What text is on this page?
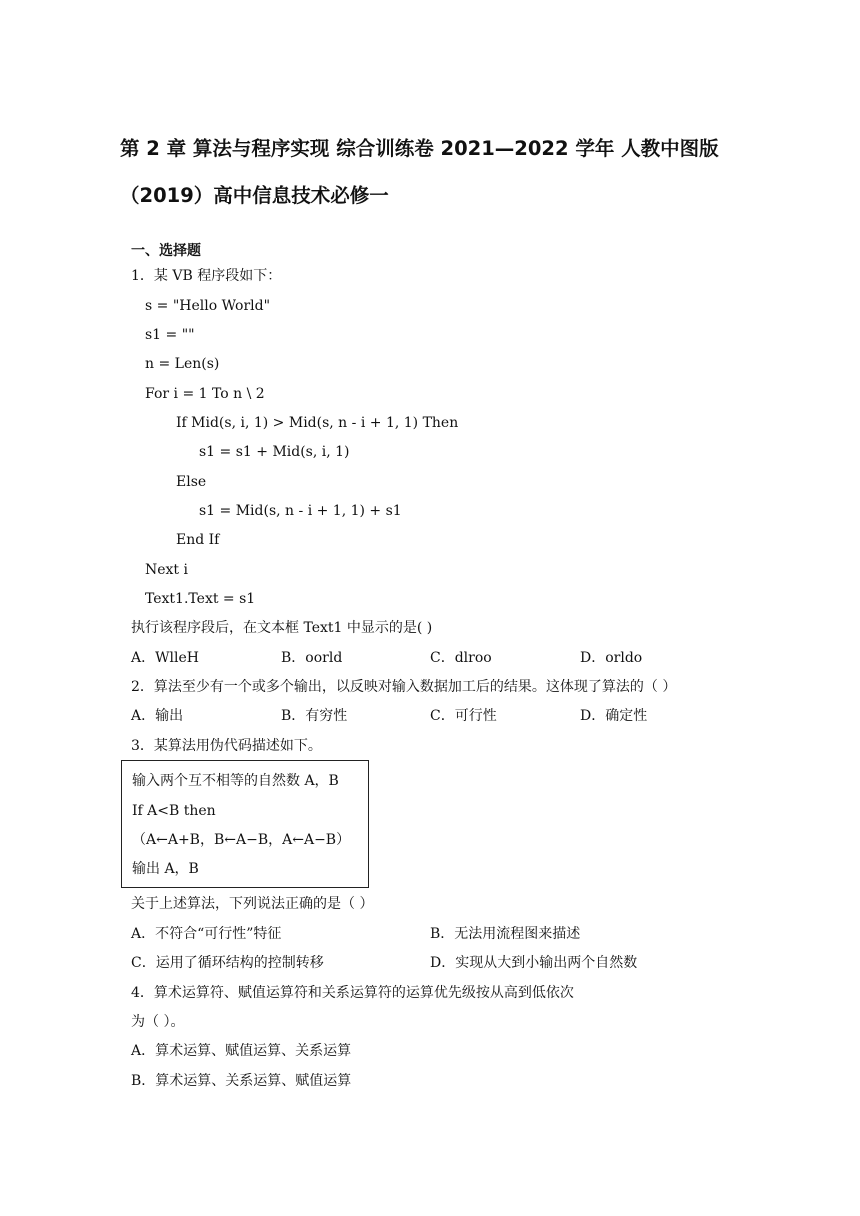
第 2 章 算法与程序实现 综合训练卷 2021—2022 学年 人教中图版
（2019）高中信息技术必修一
一、选择题
1．某 VB 程序段如下：
s = "Hello World"
s1 = ""
n = Len(s)
For i = 1 To n \ 2
If Mid(s, i, 1) > Mid(s, n - i + 1, 1) Then
s1 = s1 + Mid(s, i, 1)
Else
s1 = Mid(s, n - i + 1, 1) + s1
End If
Next i
Text1.Text = s1
执行该程序段后，在文本框 Text1 中显示的是( )
A．WlleH	B．oorld	C．dlroo	D．orldo
2．算法至少有一个或多个输出，以反映对输入数据加工后的结果。这体现了算法的（ ）
A．输出	B．有穷性	C．可行性	D．确定性
3．某算法用伪代码描述如下。
输入两个互不相等的自然数 A，B
If A<B then
（A←A+B，B←A−B，A←A−B）
输出 A，B
关于上述算法，下列说法正确的是（ ）
A．不符合“可行性”特征	B．无法用流程图来描述
C．运用了循环结构的控制转移	D．实现从大到小输出两个自然数
4．算术运算符、赋值运算符和关系运算符的运算优先级按从高到低依次
为（ ）。
A．算术运算、赋值运算、关系运算
B．算术运算、关系运算、赋值运算
